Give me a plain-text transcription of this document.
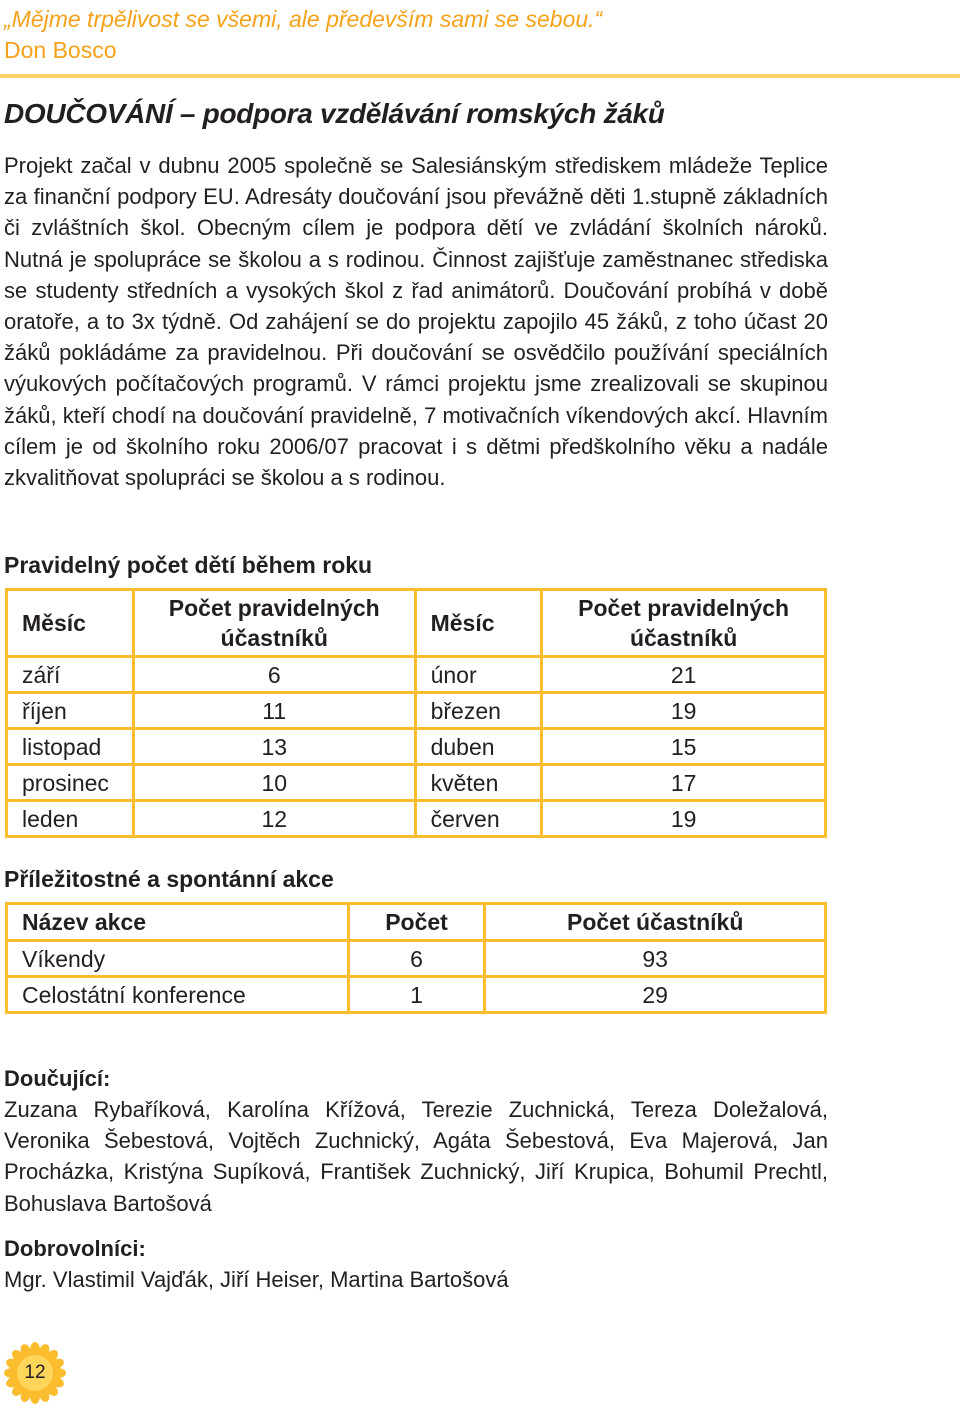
„Mějme trpělivost se všemi, ale především sami se sebou.“
Don Bosco
DOUČOVÁNÍ – podpora vzdělávání romských žáků

Projekt začal v dubnu 2005 společně se Salesiánským střediskem mládeže Teplice za finanční podpory EU. Adresáty doučování jsou převážně děti 1.stupně základních či zvláštních škol. Obecným cílem je podpora dětí ve zvládání školních nároků. Nutná je spolupráce se školou a s rodinou. Činnost zajišťuje zaměstnanec střediska se studenty středních a vysokých škol z řad animátorů. Doučování probíhá v době oratoře, a to 3x týdně. Od zahájení se do projektu zapojilo 45 žáků, z toho účast 20 žáků pokládáme za pravidelnou. Při doučování se osvědčilo používání speciálních výukových počítačových programů. V rámci projektu jsme zrealizovali se skupinou žáků, kteří chodí na doučování pravidelně, 7 motivačních víkendových akcí. Hlavním cílem je od školního roku 2006/07 pracovat i s dětmi předškolního věku a nadále zkvalitňovat spolupráci se školou a s rodinou.

Pravidelný počet dětí během roku
Měsíc	Počet pravidelných účastníků	Měsíc	Počet pravidelných účastníků
září	6	únor	21
říjen	11	březen	19
listopad	13	duben	15
prosinec	10	květen	17
leden	12	červen	19
Příležitostné a spontánní akce
Název akce	Počet	Počet účastníků
Víkendy	6	93
Celostátní konference	1	29
Doučující:

Zuzana Rybaříková, Karolína Křížová, Terezie Zuchnická, Tereza Doležalová, Veronika Šebestová, Vojtěch Zuchnický, Agáta Šebestová, Eva Majerová, Jan Procházka, Kristýna Supíková, František Zuchnický, Jiří Krupica, Bohumil Prechtl, Bohuslava Bartošová

Dobrovolníci:

Mgr. Vlastimil Vajďák, Jiří Heiser, Martina Bartošová

12
